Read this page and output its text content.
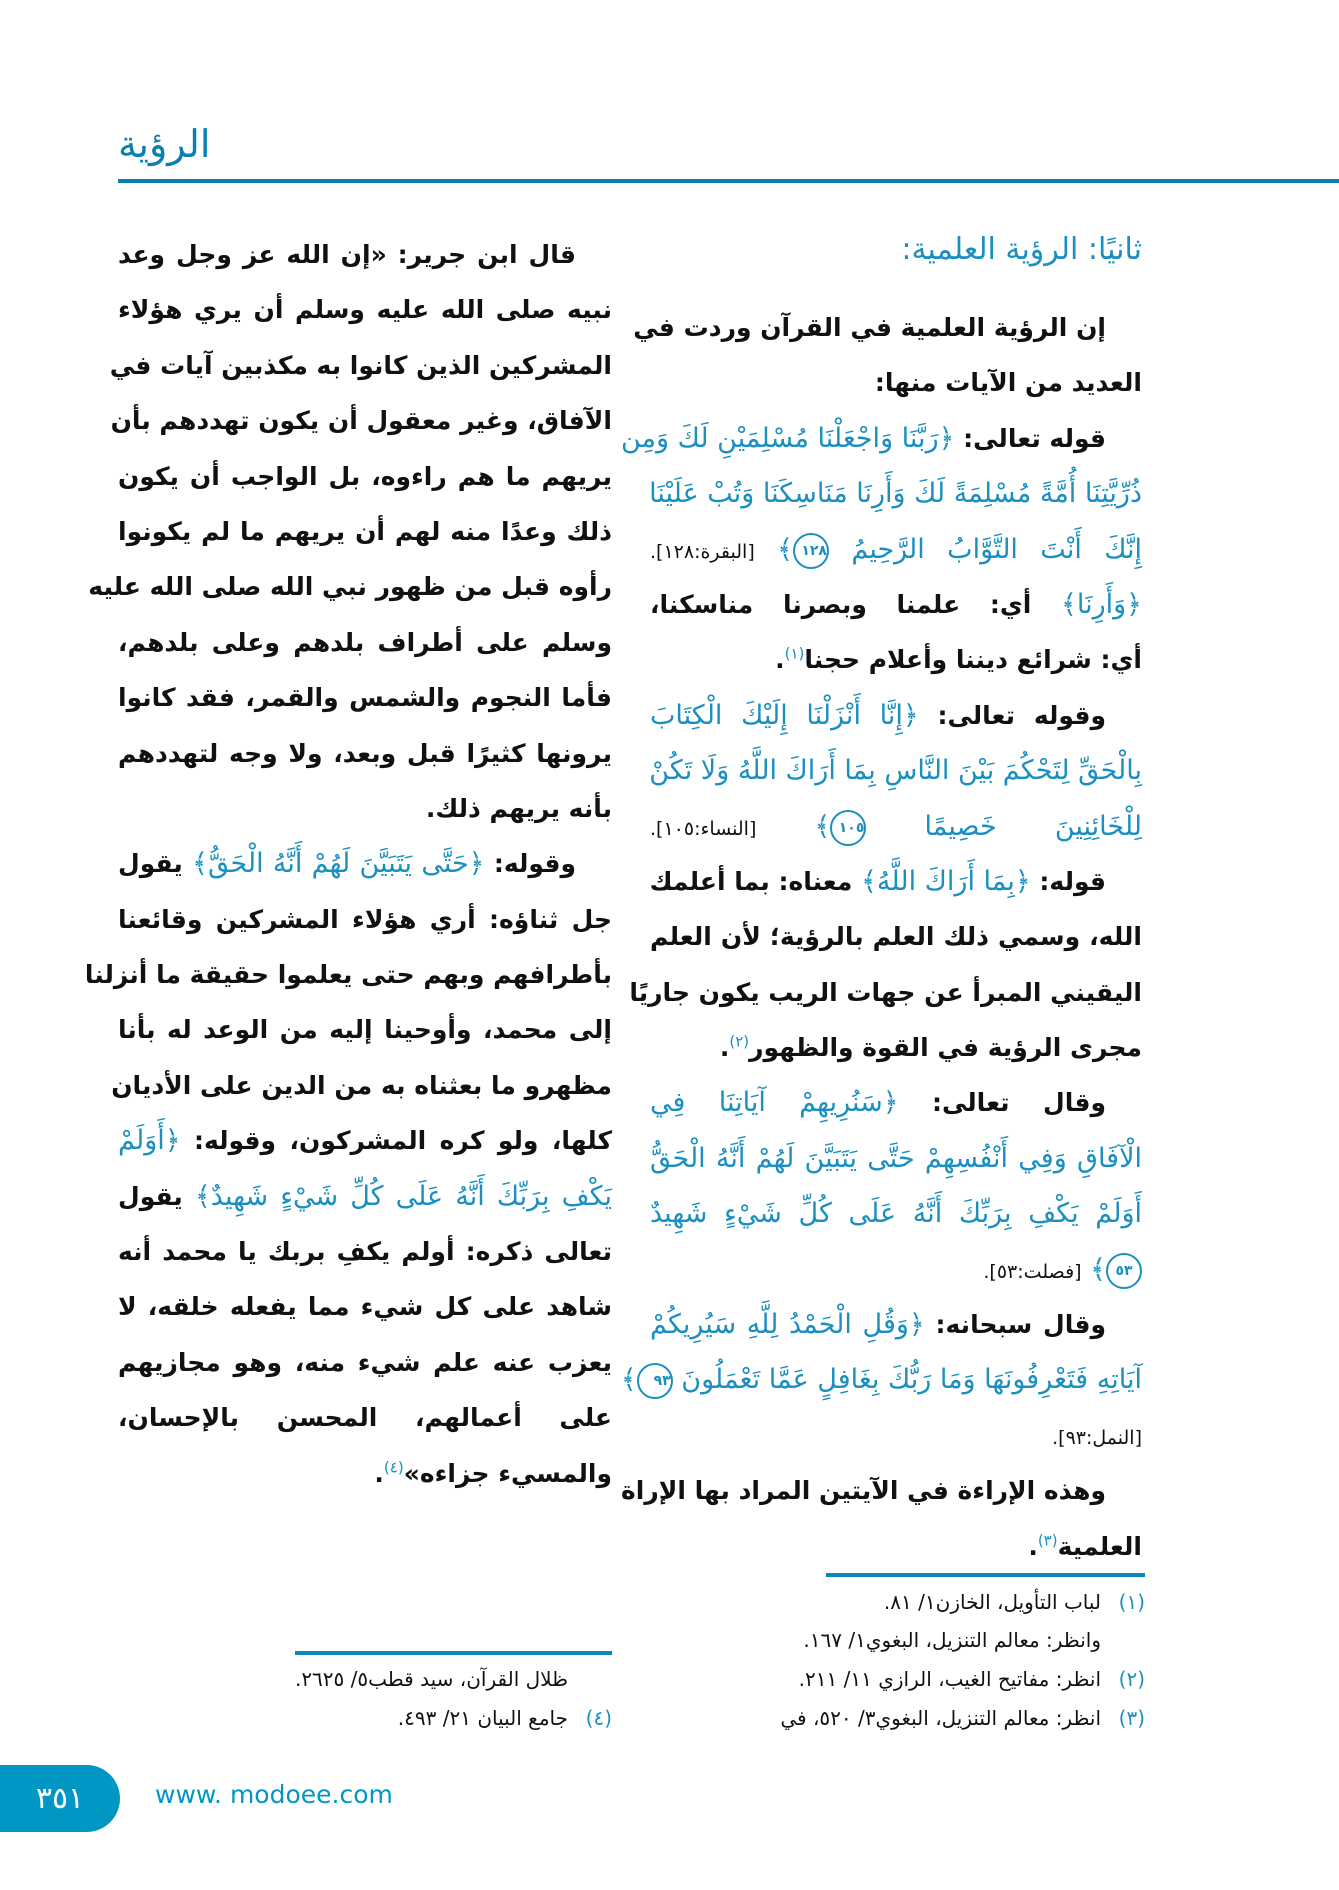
الرؤية
ثانيًا: الرؤية العلمية:
إن الرؤية العلمية في القرآن وردت في
العديد من الآيات منها:
قوله تعالى: ﴿رَبَّنَا وَاجْعَلْنَا مُسْلِمَيْنِ لَكَ وَمِن
ذُرِّيَّتِنَا أُمَّةً مُسْلِمَةً لَكَ وَأَرِنَا مَنَاسِكَنَا وَتُبْ عَلَيْنَا
إِنَّكَ أَنْتَ التَّوَّابُ الرَّحِيمُ ١٢٨﴾ [البقرة:١٢٨].
﴿وَأَرِنَا﴾ أي: علمنا وبصرنا مناسكنا،
أي: شرائع ديننا وأعلام حجنا$^{(١)}$.
وقوله تعالى: ﴿إِنَّا أَنْزَلْنَا إِلَيْكَ الْكِتَابَ
بِالْحَقِّ لِتَحْكُمَ بَيْنَ النَّاسِ بِمَا أَرَاكَ اللَّهُ وَلَا تَكُنْ
لِلْخَائِنِينَ خَصِيمًا ١٠٥﴾ [النساء:١٠٥].
قوله: ﴿بِمَا أَرَاكَ اللَّهُ﴾ معناه: بما أعلمك
الله، وسمي ذلك العلم بالرؤية؛ لأن العلم
اليقيني المبرأ عن جهات الريب يكون جاريًا
مجرى الرؤية في القوة والظهور$^{(٢)}$.
وقال تعالى: ﴿سَنُرِيهِمْ آيَاتِنَا فِي
الْآفَاقِ وَفِي أَنْفُسِهِمْ حَتَّى يَتَبَيَّنَ لَهُمْ أَنَّهُ الْحَقُّ
أَوَلَمْ يَكْفِ بِرَبِّكَ أَنَّهُ عَلَى كُلِّ شَيْءٍ شَهِيدٌ
٥٣﴾ [فصلت:٥٣].
وقال سبحانه: ﴿وَقُلِ الْحَمْدُ لِلَّهِ سَيُرِيكُمْ
آيَاتِهِ فَتَعْرِفُونَهَا وَمَا رَبُّكَ بِغَافِلٍ عَمَّا تَعْمَلُونَ ٩٣﴾
[النمل:٩٣].
وهذه الإراءة في الآيتين المراد بها الإراة
العلمية$^{(٣)}$.
قال ابن جرير: «إن الله عز وجل وعد
نبيه صلى الله عليه وسلم أن يري هؤلاء
المشركين الذين كانوا به مكذبين آيات في
الآفاق، وغير معقول أن يكون تهددهم بأن
يريهم ما هم راءوه، بل الواجب أن يكون
ذلك وعدًا منه لهم أن يريهم ما لم يكونوا
رأوه قبل من ظهور نبي الله صلى الله عليه
وسلم على أطراف بلدهم وعلى بلدهم،
فأما النجوم والشمس والقمر، فقد كانوا
يرونها كثيرًا قبل وبعد، ولا وجه لتهددهم
بأنه يريهم ذلك.
وقوله: ﴿حَتَّى يَتَبَيَّنَ لَهُمْ أَنَّهُ الْحَقُّ﴾ يقول
جل ثناؤه: أري هؤلاء المشركين وقائعنا
بأطرافهم وبهم حتى يعلموا حقيقة ما أنزلنا
إلى محمد، وأوحينا إليه من الوعد له بأنا
مظهرو ما بعثناه به من الدين على الأديان
كلها، ولو كره المشركون، وقوله: ﴿أَوَلَمْ
يَكْفِ بِرَبِّكَ أَنَّهُ عَلَى كُلِّ شَيْءٍ شَهِيدٌ﴾ يقول
تعالى ذكره: أولم يكفِ بربك يا محمد أنه
شاهد على كل شيء مما يفعله خلقه، لا
يعزب عنه علم شيء منه، وهو مجازيهم
على أعمالهم، المحسن بالإحسان،
والمسيء جزاءه»$^{(٤)}$.
(١)لباب التأويل، الخازن١/ ٨١.
وانظر: معالم التنزيل، البغوي١/ ١٦٧.
(٢)انظر: مفاتيح الغيب، الرازي ١١/ ٢١١.
(٣)انظر: معالم التنزيل، البغوي٣/ ٥٢٠، في
ظلال القرآن، سيد قطب٥/ ٢٦٢٥.
(٤)جامع البيان ٢١/ ٤٩٣.
٣٥١	www. modoee.com
